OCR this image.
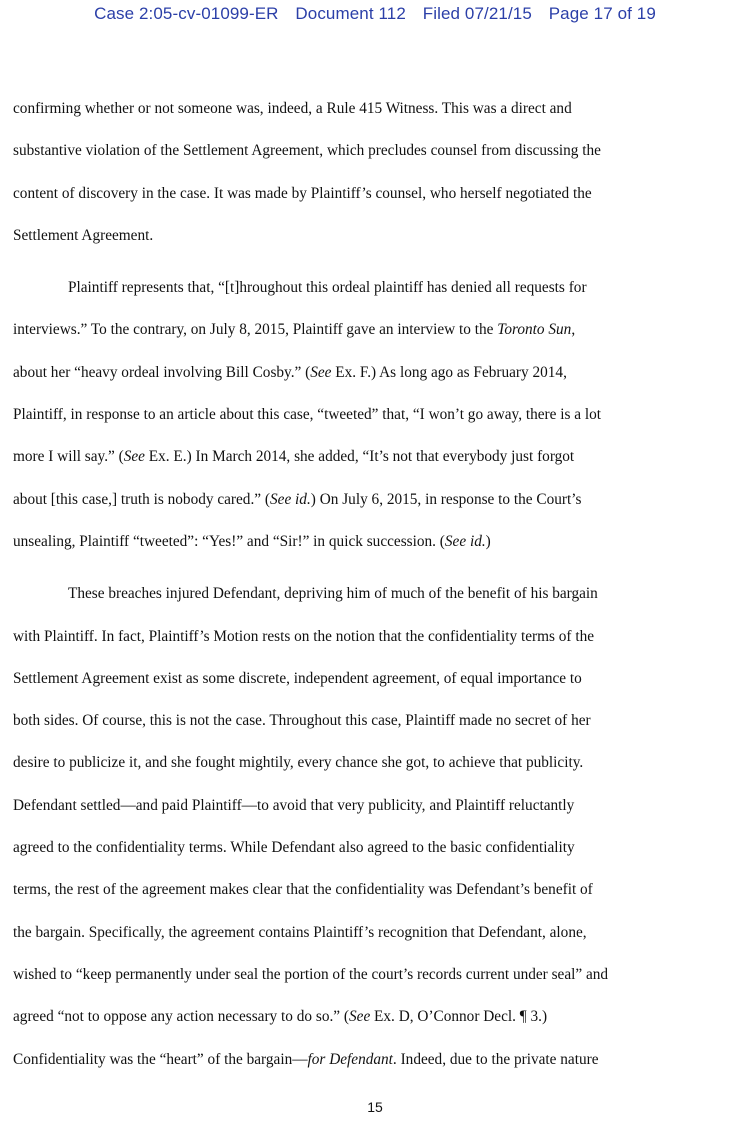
Case 2:05-cv-01099-ER Document 112 Filed 07/21/15 Page 17 of 19
confirming whether or not someone was, indeed, a Rule 415 Witness. This was a direct and
substantive violation of the Settlement Agreement, which precludes counsel from discussing the
content of discovery in the case. It was made by Plaintiff’s counsel, who herself negotiated the
Settlement Agreement.
Plaintiff represents that, “[t]hroughout this ordeal plaintiff has denied all requests for
interviews.” To the contrary, on July 8, 2015, Plaintiff gave an interview to the Toronto Sun,
about her “heavy ordeal involving Bill Cosby.” (See Ex. F.) As long ago as February 2014,
Plaintiff, in response to an article about this case, “tweeted” that, “I won’t go away, there is a lot
more I will say.” (See Ex. E.) In March 2014, she added, “It’s not that everybody just forgot
about [this case,] truth is nobody cared.” (See id.) On July 6, 2015, in response to the Court’s
unsealing, Plaintiff “tweeted”: “Yes!” and “Sir!” in quick succession. (See id.)
These breaches injured Defendant, depriving him of much of the benefit of his bargain
with Plaintiff. In fact, Plaintiff’s Motion rests on the notion that the confidentiality terms of the
Settlement Agreement exist as some discrete, independent agreement, of equal importance to
both sides. Of course, this is not the case. Throughout this case, Plaintiff made no secret of her
desire to publicize it, and she fought mightily, every chance she got, to achieve that publicity.
Defendant settled—and paid Plaintiff—to avoid that very publicity, and Plaintiff reluctantly
agreed to the confidentiality terms. While Defendant also agreed to the basic confidentiality
terms, the rest of the agreement makes clear that the confidentiality was Defendant’s benefit of
the bargain. Specifically, the agreement contains Plaintiff’s recognition that Defendant, alone,
wished to “keep permanently under seal the portion of the court’s records current under seal” and
agreed “not to oppose any action necessary to do so.” (See Ex. D, O’Connor Decl. ¶ 3.)
Confidentiality was the “heart” of the bargain—for Defendant. Indeed, due to the private nature
15
